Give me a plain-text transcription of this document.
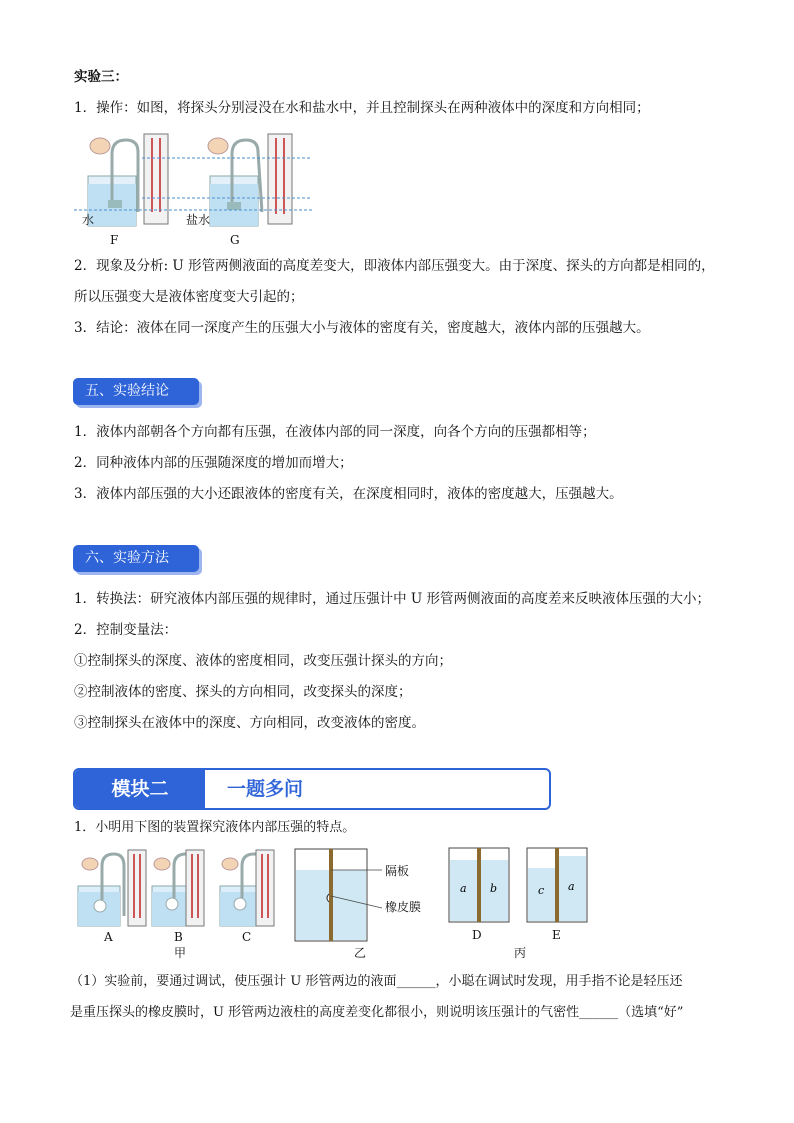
实验三：
1．操作：如图，将探头分别浸没在水和盐水中，并且控制探头在两种液体中的深度和方向相同；
水
F
盐水
G
2．现象及分析: U 形管两侧液面的高度差变大，即液体内部压强变大。由于深度、探头的方向都是相同的，
所以压强变大是液体密度变大引起的；
3．结论：液体在同一深度产生的压强大小与液体的密度有关，密度越大，液体内部的压强越大。
五、实验结论
1．液体内部朝各个方向都有压强，在液体内部的同一深度，向各个方向的压强都相等；
2．同种液体内部的压强随深度的增加而增大；
3．液体内部压强的大小还跟液体的密度有关，在深度相同时，液体的密度越大，压强越大。
六、实验方法
1．转换法：研究液体内部压强的规律时，通过压强计中 U 形管两侧液面的高度差来反映液体压强的大小；
2．控制变量法：
①控制探头的深度、液体的密度相同，改变压强计探头的方向；
②控制液体的密度、探头的方向相同，改变探头的深度；
③控制探头在液体中的深度、方向相同，改变液体的密度。
模块二	一题多问
1．小明用下图的装置探究液体内部压强的特点。
A	B	C
甲
隔板
橡皮膜
乙
a b	c a
D	E
丙
（1）实验前，要通过调试，使压强计 U 形管两边的液面______，小聪在调试时发现，用手指不论是轻压还
是重压探头的橡皮膜时，U 形管两边液柱的高度差变化都很小，则说明该压强计的气密性______（选填“好”
